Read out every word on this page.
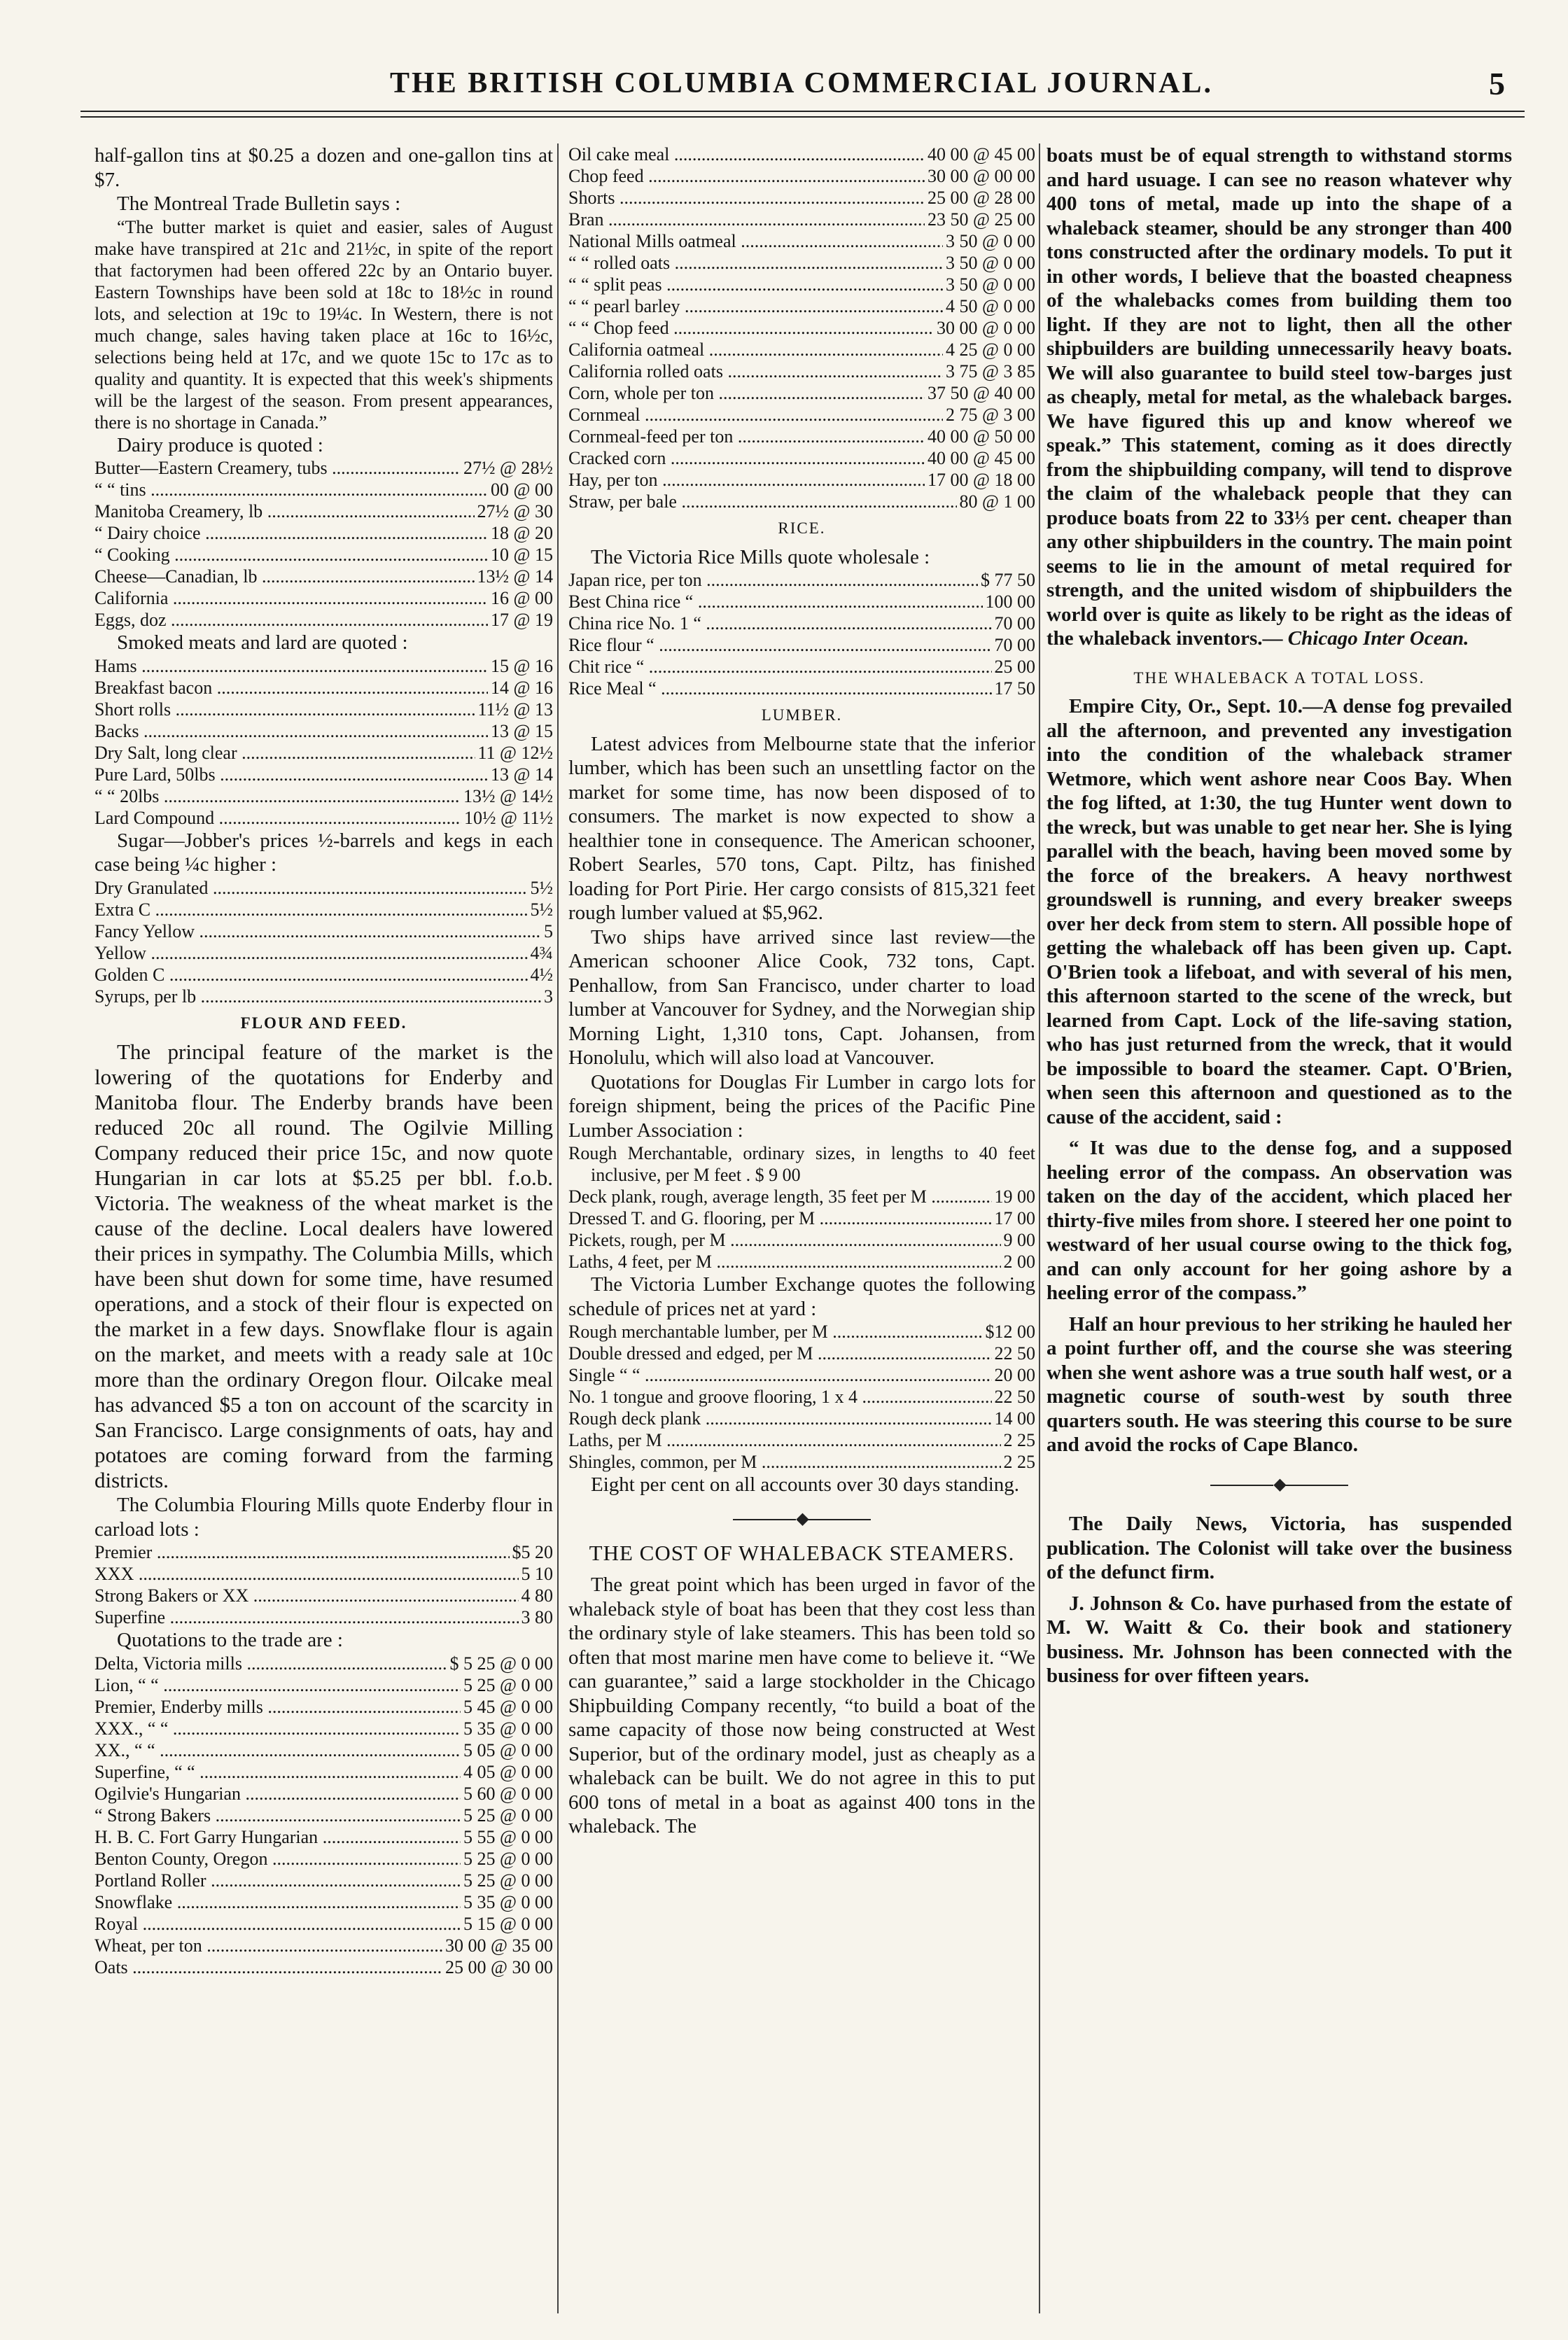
THE BRITISH COLUMBIA COMMERCIAL JOURNAL.	5

half-gallon tins at $0.25 a dozen and one-gallon tins at $7.

The Montreal Trade Bulletin says :

“The butter market is quiet and easier, sales of August make have transpired at 21c and 21½c, in spite of the report that factorymen had been offered 22c by an Ontario buyer. Eastern Townships have been sold at 18c to 18½c in round lots, and selection at 19c to 19¼c. In Western, there is not much change, sales having taken place at 16c to 16½c, selections being held at 17c, and we quote 15c to 17c as to quality and quantity. It is expected that this week's shipments will be the largest of the season. From present appearances, there is no shortage in Canada.”

Dairy produce is quoted :

Butter—Eastern Creamery, tubs .....	27½ @ 28½
“ “ tins .....	00 @ 00
Manitoba Creamery, lb .....	27½ @ 30
“ Dairy choice .....	18 @ 20
“ Cooking .....	10 @ 15
Cheese—Canadian, lb .....	13½ @ 14
California .....	16 @ 00
Eggs, doz .....	17 @ 19

Smoked meats and lard are quoted :

Hams .....	15 @ 16
Breakfast bacon .....	14 @ 16
Short rolls .....	11½ @ 13
Backs .....	13 @ 15
Dry Salt, long clear .....	11 @ 12½
Pure Lard, 50lbs .....	13 @ 14
“ “ 20lbs .....	13½ @ 14½
Lard Compound .....	10½ @ 11½

Sugar—Jobber's prices ½-barrels and kegs in each case being ¼c higher :

Dry Granulated .....	5½
Extra C .....	5½
Fancy Yellow .....	5
Yellow .....	4¾
Golden C .....	4½
Syrups, per lb .....	3
FLOUR AND FEED.

The principal feature of the market is the lowering of the quotations for Enderby and Manitoba flour. The Enderby brands have been reduced 20c all round. The Ogilvie Milling Company reduced their price 15c, and now quote Hungarian in car lots at $5.25 per bbl. f.o.b. Victoria. The weakness of the wheat market is the cause of the decline. Local dealers have lowered their prices in sympathy. The Columbia Mills, which have been shut down for some time, have resumed operations, and a stock of their flour is expected on the market in a few days. Snowflake flour is again on the market, and meets with a ready sale at 10c more than the ordinary Oregon flour. Oilcake meal has advanced $5 a ton on account of the scarcity in San Francisco. Large consignments of oats, hay and potatoes are coming forward from the farming districts.

The Columbia Flouring Mills quote Enderby flour in carload lots :

Premier .....	$5 20
XXX .....	5 10
Strong Bakers or XX .....	4 80
Superfine .....	3 80

Quotations to the trade are :

Delta, Victoria mills .....	$ 5 25 @ 0 00
Lion, “ “ .....	5 25 @ 0 00
Premier, Enderby mills .....	5 45 @ 0 00
XXX., “ “ .....	5 35 @ 0 00
XX., “ “ .....	5 05 @ 0 00
Superfine, “ “ .....	4 05 @ 0 00
Ogilvie's Hungarian .....	5 60 @ 0 00
“ Strong Bakers .....	5 25 @ 0 00
H. B. C. Fort Garry Hungarian .....	5 55 @ 0 00
Benton County, Oregon .....	5 25 @ 0 00
Portland Roller .....	5 25 @ 0 00
Snowflake .....	5 35 @ 0 00
Royal .....	5 15 @ 0 00
Wheat, per ton .....	30 00 @ 35 00
Oats .....	25 00 @ 30 00
Oil cake meal .....	40 00 @ 45 00
Chop feed .....	30 00 @ 00 00
Shorts .....	25 00 @ 28 00
Bran .....	23 50 @ 25 00
National Mills oatmeal .....	3 50 @ 0 00
“ “ rolled oats .....	3 50 @ 0 00
“ “ split peas .....	3 50 @ 0 00
“ “ pearl barley .....	4 50 @ 0 00
“ “ Chop feed .....	30 00 @ 0 00
California oatmeal .....	4 25 @ 0 00
California rolled oats .....	3 75 @ 3 85
Corn, whole per ton .....	37 50 @ 40 00
Cornmeal .....	2 75 @ 3 00
Cornmeal-feed per ton .....	40 00 @ 50 00
Cracked corn .....	40 00 @ 45 00
Hay, per ton .....	17 00 @ 18 00
Straw, per bale .....	80 @ 1 00
RICE.

The Victoria Rice Mills quote wholesale :

Japan rice, per ton .....	$ 77 50
Best China rice “ .....	100 00
China rice No. 1 “ .....	70 00
Rice flour “ .....	70 00
Chit rice “ .....	25 00
Rice Meal “ .....	17 50
LUMBER.

Latest advices from Melbourne state that the inferior lumber, which has been such an unsettling factor on the market for some time, has now been disposed of to consumers. The market is now expected to show a healthier tone in consequence. The American schooner, Robert Searles, 570 tons, Capt. Piltz, has finished loading for Port Pirie. Her cargo consists of 815,321 feet rough lumber valued at $5,962.

Two ships have arrived since last review—the American schooner Alice Cook, 732 tons, Capt. Penhallow, from San Francisco, under charter to load lumber at Vancouver for Sydney, and the Norwegian ship Morning Light, 1,310 tons, Capt. Johansen, from Honolulu, which will also load at Vancouver.

Quotations for Douglas Fir Lumber in cargo lots for foreign shipment, being the prices of the Pacific Pine Lumber Association :

Rough Merchantable, ordinary sizes, in lengths to 40 feet inclusive, per M feet . $ 9 00

Deck plank, rough, average length, 35 feet per M .....	19 00
Dressed T. and G. flooring, per M .....	17 00
Pickets, rough, per M .....	9 00
Laths, 4 feet, per M .....	2 00

The Victoria Lumber Exchange quotes the following schedule of prices net at yard :

Rough merchantable lumber, per M .....	$12 00
Double dressed and edged, per M .....	22 50
Single “ “ .....	20 00
No. 1 tongue and groove flooring, 1 x 4 .....	22 50
Rough deck plank .....	14 00
Laths, per M .....	2 25
Shingles, common, per M .....	2 25

Eight per cent on all accounts over 30 days standing.

◆
THE COST OF WHALEBACK STEAMERS.

The great point which has been urged in favor of the whaleback style of boat has been that they cost less than the ordinary style of lake steamers. This has been told so often that most marine men have come to believe it. “We can guarantee,” said a large stockholder in the Chicago Shipbuilding Company recently, “to build a boat of the same capacity of those now being constructed at West Superior, but of the ordinary model, just as cheaply as a whaleback can be built. We do not agree in this to put 600 tons of metal in a boat as against 400 tons in the whaleback. The

boats must be of equal strength to withstand storms and hard usuage. I can see no reason whatever why 400 tons of metal, made up into the shape of a whaleback steamer, should be any stronger than 400 tons constructed after the ordinary models. To put it in other words, I believe that the boasted cheapness of the whalebacks comes from building them too light. If they are not to light, then all the other shipbuilders are building unnecessarily heavy boats. We will also guarantee to build steel tow-barges just as cheaply, metal for metal, as the whaleback barges. We have figured this up and know whereof we speak.” This statement, coming as it does directly from the shipbuilding company, will tend to disprove the claim of the whaleback people that they can produce boats from 22 to 33⅓ per cent. cheaper than any other shipbuilders in the country. The main point seems to lie in the amount of metal required for strength, and the united wisdom of shipbuilders the world over is quite as likely to be right as the ideas of the whaleback inventors.— Chicago Inter Ocean.

THE WHALEBACK A TOTAL LOSS.

Empire City, Or., Sept. 10.—A dense fog prevailed all the afternoon, and prevented any investigation into the condition of the whaleback stramer Wetmore, which went ashore near Coos Bay. When the fog lifted, at 1:30, the tug Hunter went down to the wreck, but was unable to get near her. She is lying parallel with the beach, having been moved some by the force of the breakers. A heavy northwest groundswell is running, and every breaker sweeps over her deck from stem to stern. All possible hope of getting the whaleback off has been given up. Capt. O'Brien took a lifeboat, and with several of his men, this afternoon started to the scene of the wreck, but learned from Capt. Lock of the life-saving station, who has just returned from the wreck, that it would be impossible to board the steamer. Capt. O'Brien, when seen this afternoon and questioned as to the cause of the accident, said :

“ It was due to the dense fog, and a supposed heeling error of the compass. An observation was taken on the day of the accident, which placed her thirty-five miles from shore. I steered her one point to westward of her usual course owing to the thick fog, and can only account for her going ashore by a heeling error of the compass.”

Half an hour previous to her striking he hauled her a point further off, and the course she was steering when she went ashore was a true south half west, or a magnetic course of south-west by south three quarters south. He was steering this course to be sure and avoid the rocks of Cape Blanco.

◆

The Daily News, Victoria, has suspended publication. The Colonist will take over the business of the defunct firm.

J. Johnson & Co. have purhased from the estate of M. W. Waitt & Co. their book and stationery business. Mr. Johnson has been connected with the business for over fifteen years.
